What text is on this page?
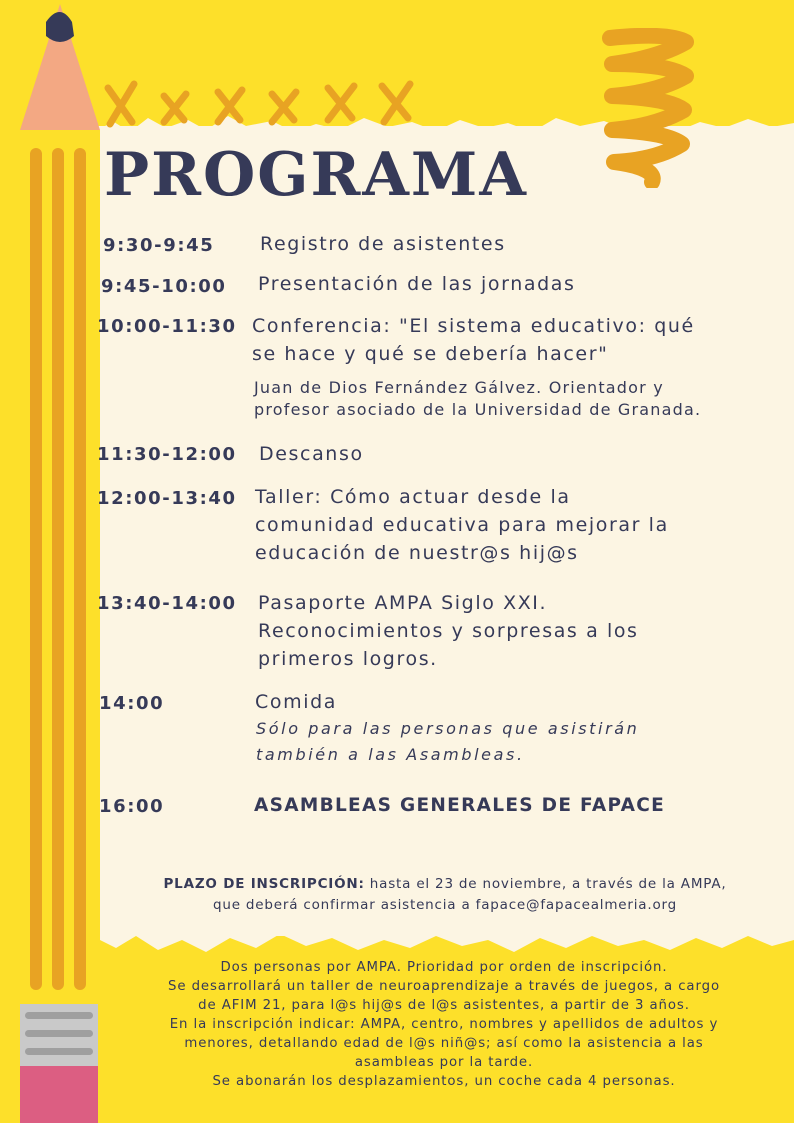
PROGRAMA
9:30-9:45 Registro de asistentes
9:45-10:00 Presentación de las jornadas
10:00-11:30 Conferencia: "El sistema educativo: qué
se hace y qué se debería hacer"
Juan de Dios Fernández Gálvez. Orientador y
profesor asociado de la Universidad de Granada.
11:30-12:00 Descanso
12:00-13:40 Taller: Cómo actuar desde la
comunidad educativa para mejorar la
educación de nuestr@s hij@s
13:40-14:00 Pasaporte AMPA Siglo XXI.
Reconocimientos y sorpresas a los
primeros logros.
14:00	Comida
Sólo para las personas que asistirán
también a las Asambleas.
16:00	ASAMBLEAS GENERALES DE FAPACE

PLAZO DE INSCRIPCIÓN: hasta el 23 de noviembre, a través de la AMPA,

que deberá confirmar asistencia a fapace@fapacealmeria.org

Dos personas por AMPA. Prioridad por orden de inscripción.

Se desarrollará un taller de neuroaprendizaje a través de juegos, a cargo

de AFIM 21, para l@s hij@s de l@s asistentes, a partir de 3 años.

En la inscripción indicar: AMPA, centro, nombres y apellidos de adultos y

menores, detallando edad de l@s niñ@s; así como la asistencia a las

asambleas por la tarde.

Se abonarán los desplazamientos, un coche cada 4 personas.
